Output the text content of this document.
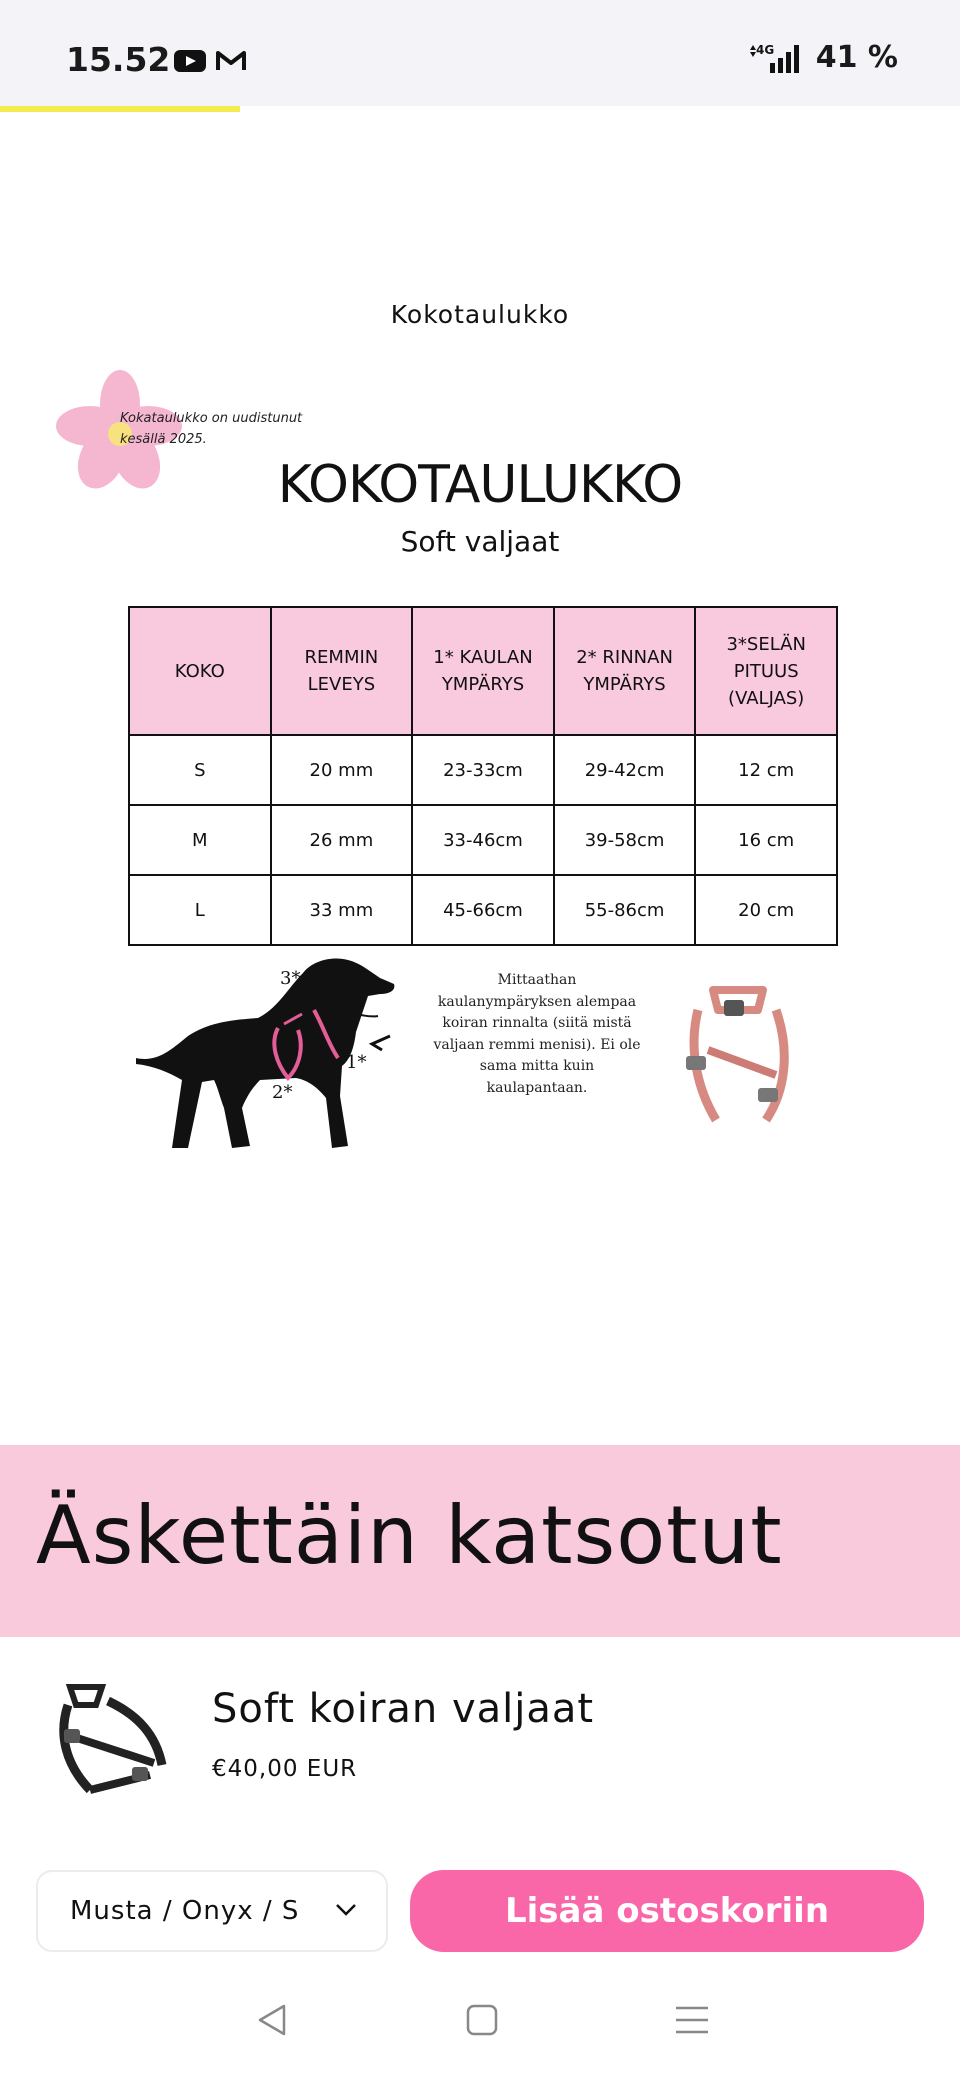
15.52	4G 41 %
Kokotaulukko
Kokataulukko on uudistunut kesällä 2025.
KOKOTAULUKKO
Soft valjaat
KOKO	REMMIN LEVEYS	1* KAULAN YMPÄRYS	2* RINNAN YMPÄRYS	3*SELÄN PITUUS (VALJAS)
S	20 mm	23-33cm	29-42cm	12 cm
M	26 mm	33-46cm	39-58cm	16 cm
L	33 mm	45-66cm	55-86cm	20 cm
3*
1*
2*
Mittaathan kaulanympäryksen alempaa koiran rinnalta (siitä mistä valjaan remmi menisi). Ei ole sama mitta kuin kaulapantaan.
Äskettäin katsotut
Soft koiran valjaat
€40,00 EUR
Musta / Onyx / S	Lisää ostoskoriin
